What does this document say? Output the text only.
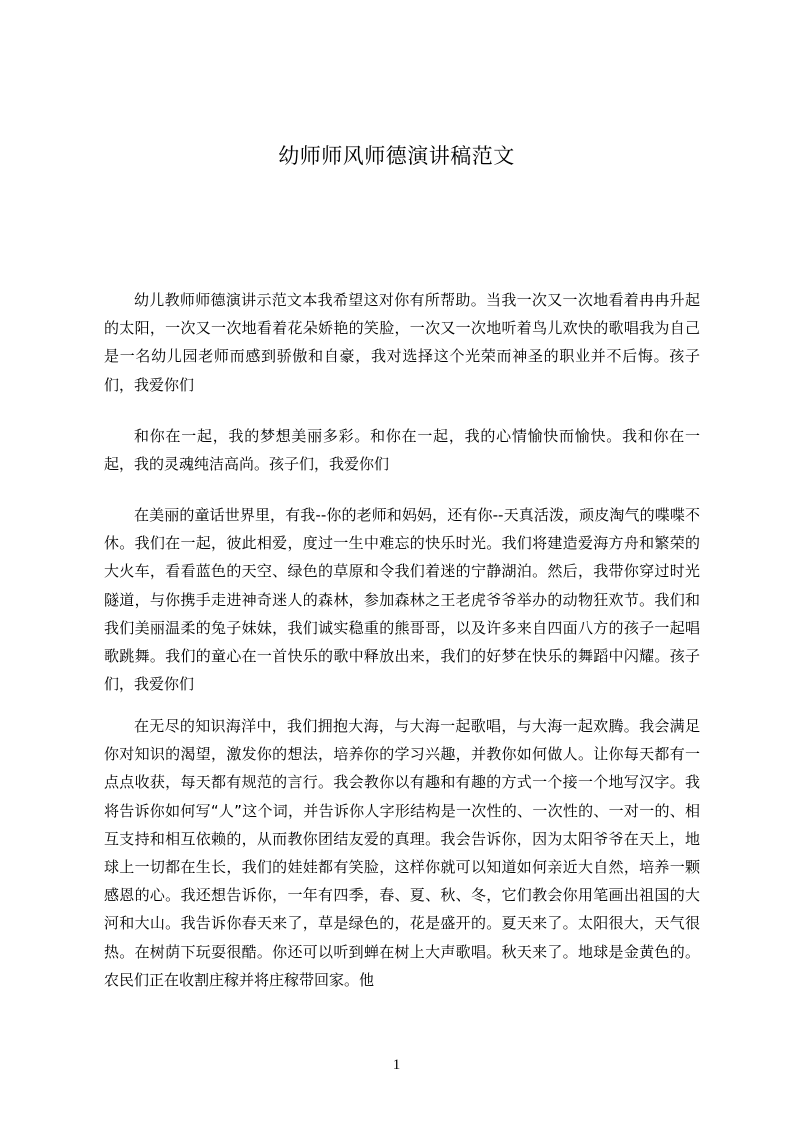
幼师师风师德演讲稿范文

幼儿教师师德演讲示范文本我希望这对你有所帮助。当我一次又一次地看着冉冉升起的太阳，一次又一次地看着花朵娇艳的笑脸，一次又一次地听着鸟儿欢快的歌唱我为自己是一名幼儿园老师而感到骄傲和自豪，我对选择这个光荣而神圣的职业并不后悔。孩子们，我爱你们

和你在一起，我的梦想美丽多彩。和你在一起，我的心情愉快而愉快。我和你在一起，我的灵魂纯洁高尚。孩子们，我爱你们

在美丽的童话世界里，有我--你的老师和妈妈，还有你--天真活泼，顽皮淘气的喋喋不休。我们在一起，彼此相爱，度过一生中难忘的快乐时光。我们将建造爱海方舟和繁荣的大火车，看看蓝色的天空、绿色的草原和令我们着迷的宁静湖泊。然后，我带你穿过时光隧道，与你携手走进神奇迷人的森林，参加森林之王老虎爷爷举办的动物狂欢节。我们和我们美丽温柔的兔子妹妹，我们诚实稳重的熊哥哥，以及许多来自四面八方的孩子一起唱歌跳舞。我们的童心在一首快乐的歌中释放出来，我们的好梦在快乐的舞蹈中闪耀。孩子们，我爱你们

在无尽的知识海洋中，我们拥抱大海，与大海一起歌唱，与大海一起欢腾。我会满足你对知识的渴望，激发你的想法，培养你的学习兴趣，并教你如何做人。让你每天都有一点点收获，每天都有规范的言行。我会教你以有趣和有趣的方式一个接一个地写汉字。我将告诉你如何写“人”这个词，并告诉你人字形结构是一次性的、一次性的、一对一的、相互支持和相互依赖的，从而教你团结友爱的真理。我会告诉你，因为太阳爷爷在天上，地球上一切都在生长，我们的娃娃都有笑脸，这样你就可以知道如何亲近大自然，培养一颗感恩的心。我还想告诉你，一年有四季，春、夏、秋、冬，它们教会你用笔画出祖国的大河和大山。我告诉你春天来了，草是绿色的，花是盛开的。夏天来了。太阳很大，天气很热。在树荫下玩耍很酷。你还可以听到蝉在树上大声歌唱。秋天来了。地球是金黄色的。农民们正在收割庄稼并将庄稼带回家。他

1
